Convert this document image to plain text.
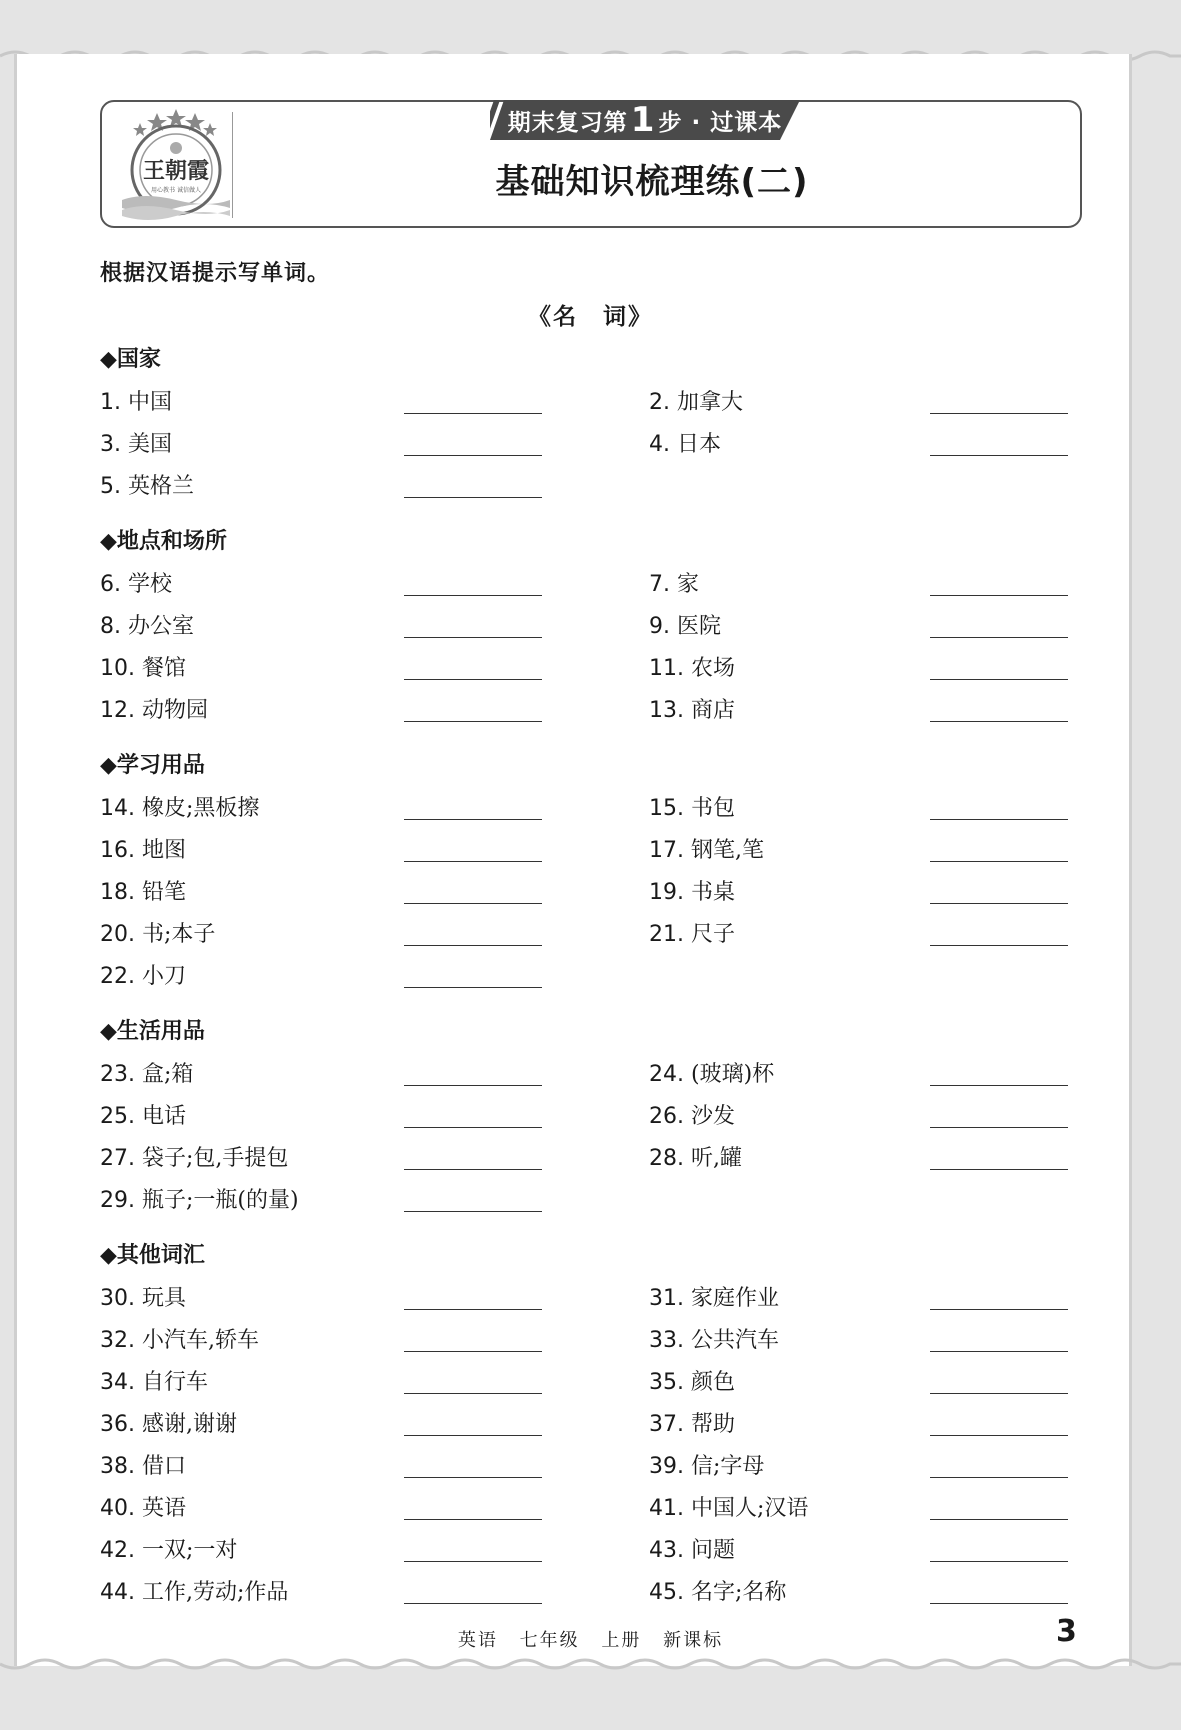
王朝霞
用心教书 诚信做人
期末复习第 1 步 · 过课本
基础知识梳理练(二)
根据汉语提示写单词。
《名　词》
◆国家
1. 中国	2. 加拿大
3. 美国	4. 日本
5. 英格兰
◆地点和场所
6. 学校	7. 家
8. 办公室	9. 医院
10. 餐馆	11. 农场
12. 动物园	13. 商店
◆学习用品
14. 橡皮;黑板擦	15. 书包
16. 地图	17. 钢笔,笔
18. 铅笔	19. 书桌
20. 书;本子	21. 尺子
22. 小刀
◆生活用品
23. 盒;箱	24. (玻璃)杯
25. 电话	26. 沙发
27. 袋子;包,手提包	28. 听,罐
29. 瓶子;一瓶(的量)
◆其他词汇
30. 玩具	31. 家庭作业
32. 小汽车,轿车	33. 公共汽车
34. 自行车	35. 颜色
36. 感谢,谢谢	37. 帮助
38. 借口	39. 信;字母
40. 英语	41. 中国人;汉语
42. 一双;一对	43. 问题
44. 工作,劳动;作品	45. 名字;名称
英语 七年级 上册 新课标	3
